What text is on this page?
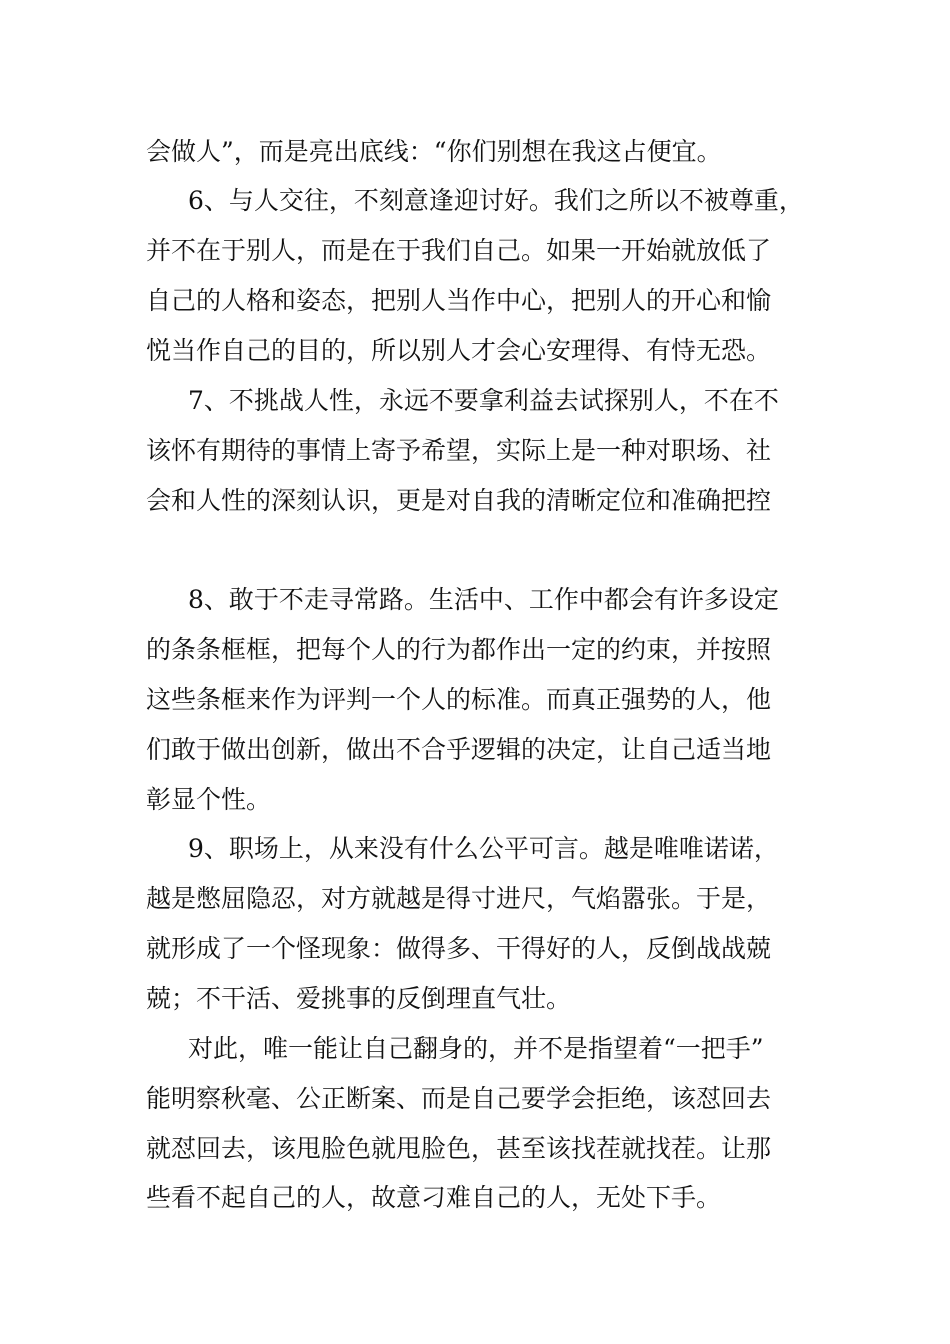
会做人”，而是亮出底线：“你们别想在我这占便宜。
6、与人交往，不刻意逢迎讨好。我们之所以不被尊重，
并不在于别人，而是在于我们自己。如果一开始就放低了
自己的人格和姿态，把别人当作中心，把别人的开心和愉
悦当作自己的目的，所以别人才会心安理得、有恃无恐。
7、不挑战人性，永远不要拿利益去试探别人，不在不
该怀有期待的事情上寄予希望，实际上是一种对职场、社
会和人性的深刻认识，更是对自我的清晰定位和准确把控
8、敢于不走寻常路。生活中、工作中都会有许多设定
的条条框框，把每个人的行为都作出一定的约束，并按照
这些条框来作为评判一个人的标准。而真正强势的人，他
们敢于做出创新，做出不合乎逻辑的决定，让自己适当地
彰显个性。
9、职场上，从来没有什么公平可言。越是唯唯诺诺，
越是憋屈隐忍，对方就越是得寸进尺，气焰嚣张。于是，
就形成了一个怪现象：做得多、干得好的人，反倒战战兢
兢；不干活、爱挑事的反倒理直气壮。
对此，唯一能让自己翻身的，并不是指望着“一把手”
能明察秋毫、公正断案、而是自己要学会拒绝，该怼回去
就怼回去，该甩脸色就甩脸色，甚至该找茬就找茬。让那
些看不起自己的人，故意刁难自己的人，无处下手。
